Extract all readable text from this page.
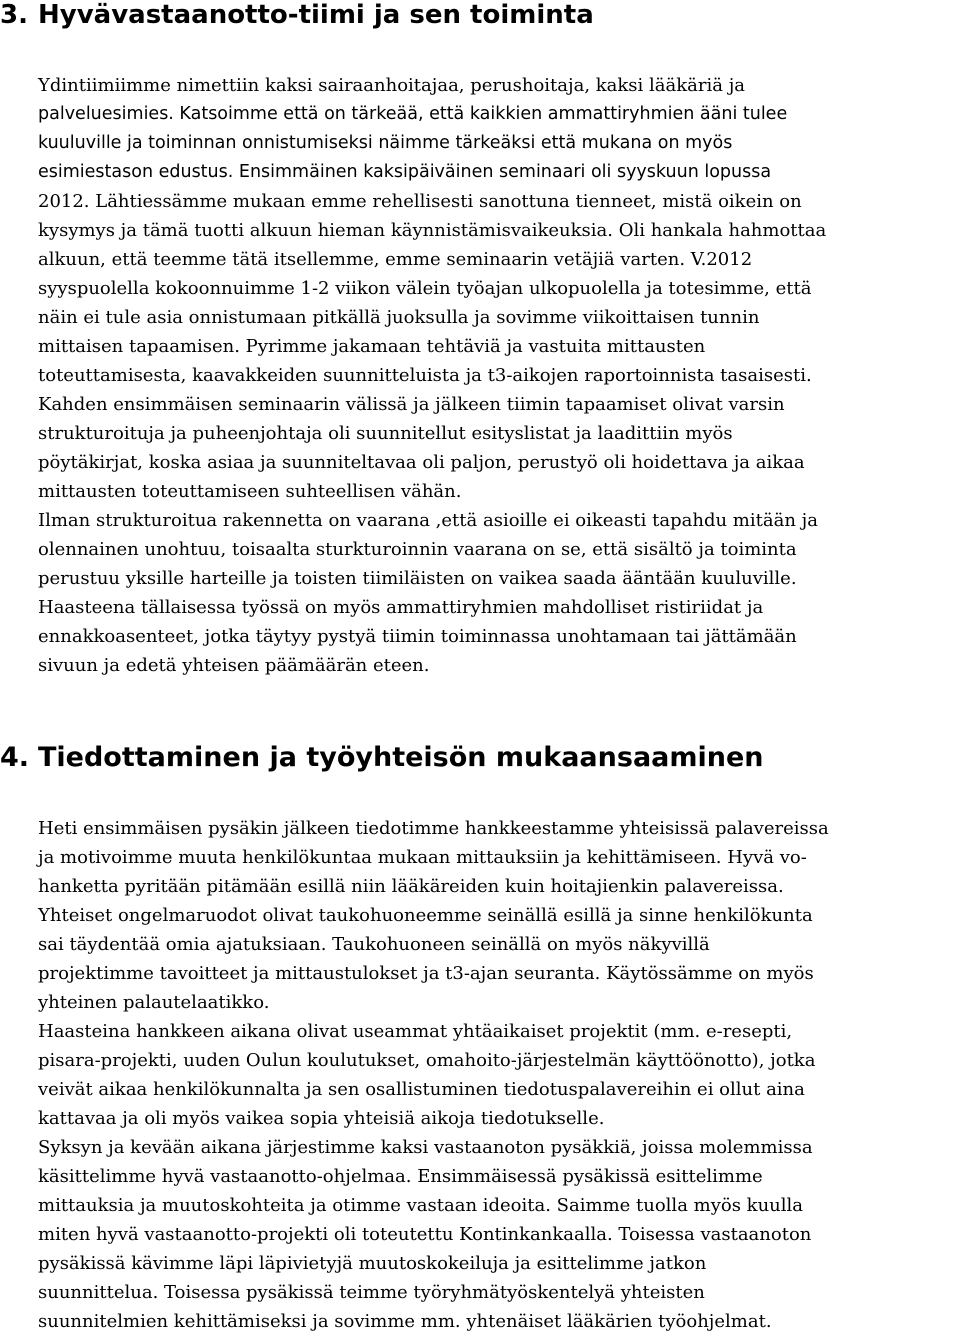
3. Hyvävastaanotto-tiimi ja sen toiminta
Ydintiimiimme nimettiin kaksi sairaanhoitajaa, perushoitaja, kaksi lääkäriä ja
palveluesimies. Katsoimme että on tärkeää, että kaikkien ammattiryhmien ääni tulee
kuuluville ja toiminnan onnistumiseksi näimme tärkeäksi että mukana on myös
esimiestason edustus. Ensimmäinen kaksipäiväinen seminaari oli syyskuun lopussa
2012. Lähtiessämme mukaan emme rehellisesti sanottuna tienneet, mistä oikein on
kysymys ja tämä tuotti alkuun hieman käynnistämisvaikeuksia. Oli hankala hahmottaa
alkuun, että teemme tätä itsellemme, emme seminaarin vetäjiä varten. V.2012
syyspuolella kokoonnuimme 1-2 viikon välein työajan ulkopuolella ja totesimme, että
näin ei tule asia onnistumaan pitkällä juoksulla ja sovimme viikoittaisen tunnin
mittaisen tapaamisen. Pyrimme jakamaan tehtäviä ja vastuita mittausten
toteuttamisesta, kaavakkeiden suunnitteluista ja t3-aikojen raportoinnista tasaisesti.
Kahden ensimmäisen seminaarin välissä ja jälkeen tiimin tapaamiset olivat varsin
strukturoituja ja puheenjohtaja oli suunnitellut esityslistat ja laadittiin myös
pöytäkirjat, koska asiaa ja suunniteltavaa oli paljon, perustyö oli hoidettava ja aikaa
mittausten toteuttamiseen suhteellisen vähän.
Ilman strukturoitua rakennetta on vaarana ,että asioille ei oikeasti tapahdu mitään ja
olennainen unohtuu, toisaalta sturkturoinnin vaarana on se, että sisältö ja toiminta
perustuu yksille harteille ja toisten tiimiläisten on vaikea saada ääntään kuuluville.
Haasteena tällaisessa työssä on myös ammattiryhmien mahdolliset ristiriidat ja
ennakkoasenteet, jotka täytyy pystyä tiimin toiminnassa unohtamaan tai jättämään
sivuun ja edetä yhteisen päämäärän eteen.
4. Tiedottaminen ja työyhteisön mukaansaaminen
Heti ensimmäisen pysäkin jälkeen tiedotimme hankkeestamme yhteisissä palavereissa
ja motivoimme muuta henkilökuntaa mukaan mittauksiin ja kehittämiseen. Hyvä vo-
hanketta pyritään pitämään esillä niin lääkäreiden kuin hoitajienkin palavereissa.
Yhteiset ongelmaruodot olivat taukohuoneemme seinällä esillä ja sinne henkilökunta
sai täydentää omia ajatuksiaan. Taukohuoneen seinällä on myös näkyvillä
projektimme tavoitteet ja mittaustulokset ja t3-ajan seuranta. Käytössämme on myös
yhteinen palautelaatikko.
Haasteina hankkeen aikana olivat useammat yhtäaikaiset projektit (mm. e-resepti,
pisara-projekti, uuden Oulun koulutukset, omahoito-järjestelmän käyttöönotto), jotka
veivät aikaa henkilökunnalta ja sen osallistuminen tiedotuspalavereihin ei ollut aina
kattavaa ja oli myös vaikea sopia yhteisiä aikoja tiedotukselle.
Syksyn ja kevään aikana järjestimme kaksi vastaanoton pysäkkiä, joissa molemmissa
käsittelimme hyvä vastaanotto-ohjelmaa. Ensimmäisessä pysäkissä esittelimme
mittauksia ja muutoskohteita ja otimme vastaan ideoita. Saimme tuolla myös kuulla
miten hyvä vastaanotto-projekti oli toteutettu Kontinkankaalla. Toisessa vastaanoton
pysäkissä kävimme läpi läpivietyjä muutoskokeiluja ja esittelimme jatkon
suunnittelua. Toisessa pysäkissä teimme työryhmätyöskentelyä yhteisten
suunnitelmien kehittämiseksi ja sovimme mm. yhtenäiset lääkärien työohjelmat.
